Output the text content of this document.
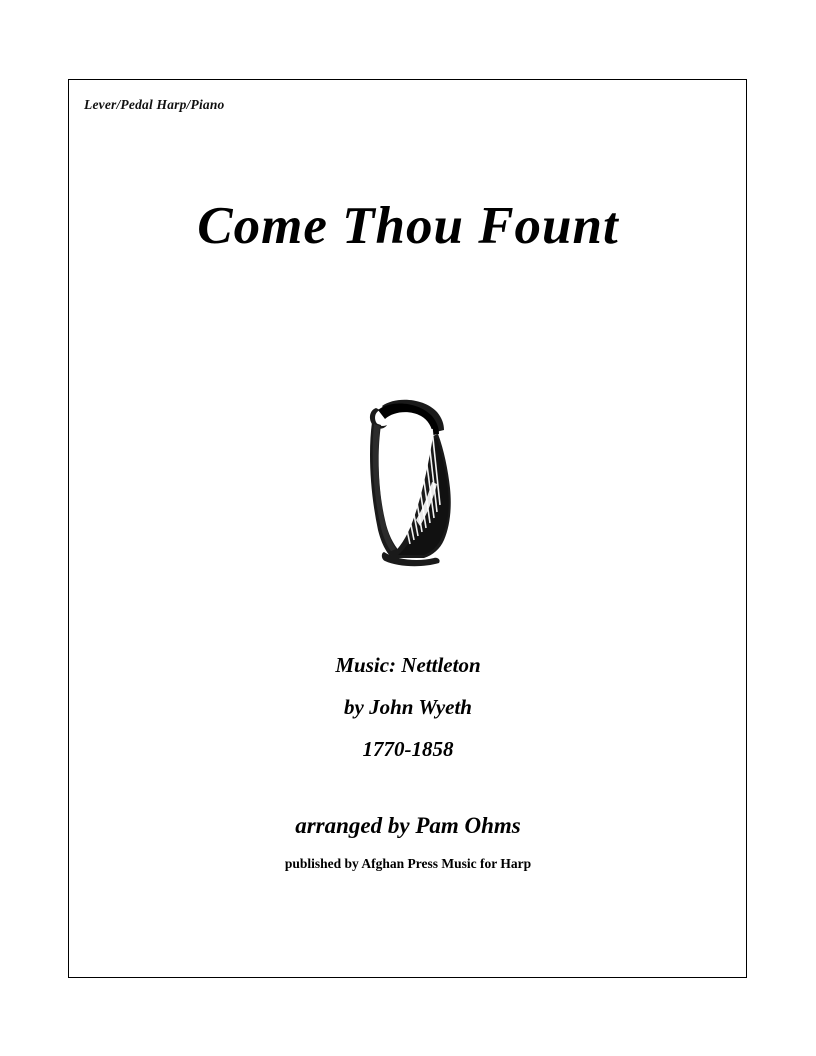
Lever/Pedal Harp/Piano
Come Thou Fount
Music: Nettleton
by John Wyeth
1770-1858
arranged by Pam Ohms
published by Afghan Press Music for Harp
